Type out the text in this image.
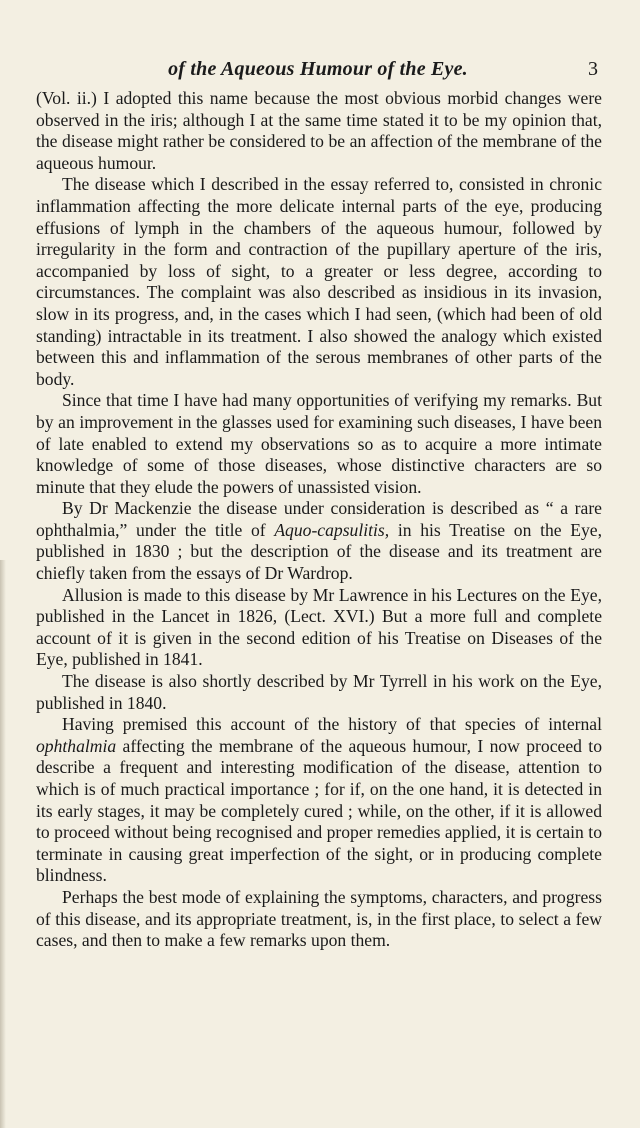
of the Aqueous Humour of the Eye.	3

(Vol. ii.) I adopted this name because the most obvious morbid changes were observed in the iris; although I at the same time stated it to be my opinion that, the disease might rather be considered to be an affection of the membrane of the aqueous humour.

The disease which I described in the essay referred to, consisted in chronic inflammation affecting the more delicate internal parts of the eye, producing effusions of lymph in the chambers of the aqueous humour, followed by irregularity in the form and contraction of the pupillary aperture of the iris, accompanied by loss of sight, to a greater or less degree, according to circumstances. The complaint was also described as insidious in its invasion, slow in its progress, and, in the cases which I had seen, (which had been of old standing) intractable in its treatment. I also showed the analogy which existed between this and inflammation of the serous membranes of other parts of the body.

Since that time I have had many opportunities of verifying my remarks. But by an improvement in the glasses used for examining such diseases, I have been of late enabled to extend my observations so as to acquire a more intimate knowledge of some of those diseases, whose distinctive characters are so minute that they elude the powers of unassisted vision.

By Dr Mackenzie the disease under consideration is described as “ a rare ophthalmia,” under the title of Aquo-capsulitis, in his Treatise on the Eye, published in 1830 ; but the description of the disease and its treatment are chiefly taken from the essays of Dr Wardrop.

Allusion is made to this disease by Mr Lawrence in his Lectures on the Eye, published in the Lancet in 1826, (Lect. XVI.) But a more full and complete account of it is given in the second edition of his Treatise on Diseases of the Eye, published in 1841.

The disease is also shortly described by Mr Tyrrell in his work on the Eye, published in 1840.

Having premised this account of the history of that species of internal ophthalmia affecting the membrane of the aqueous humour, I now proceed to describe a frequent and interesting modification of the disease, attention to which is of much practical importance ; for if, on the one hand, it is detected in its early stages, it may be completely cured ; while, on the other, if it is allowed to proceed without being recognised and proper remedies applied, it is certain to terminate in causing great imperfection of the sight, or in producing complete blindness.

Perhaps the best mode of explaining the symptoms, characters, and progress of this disease, and its appropriate treatment, is, in the first place, to select a few cases, and then to make a few remarks upon them.
